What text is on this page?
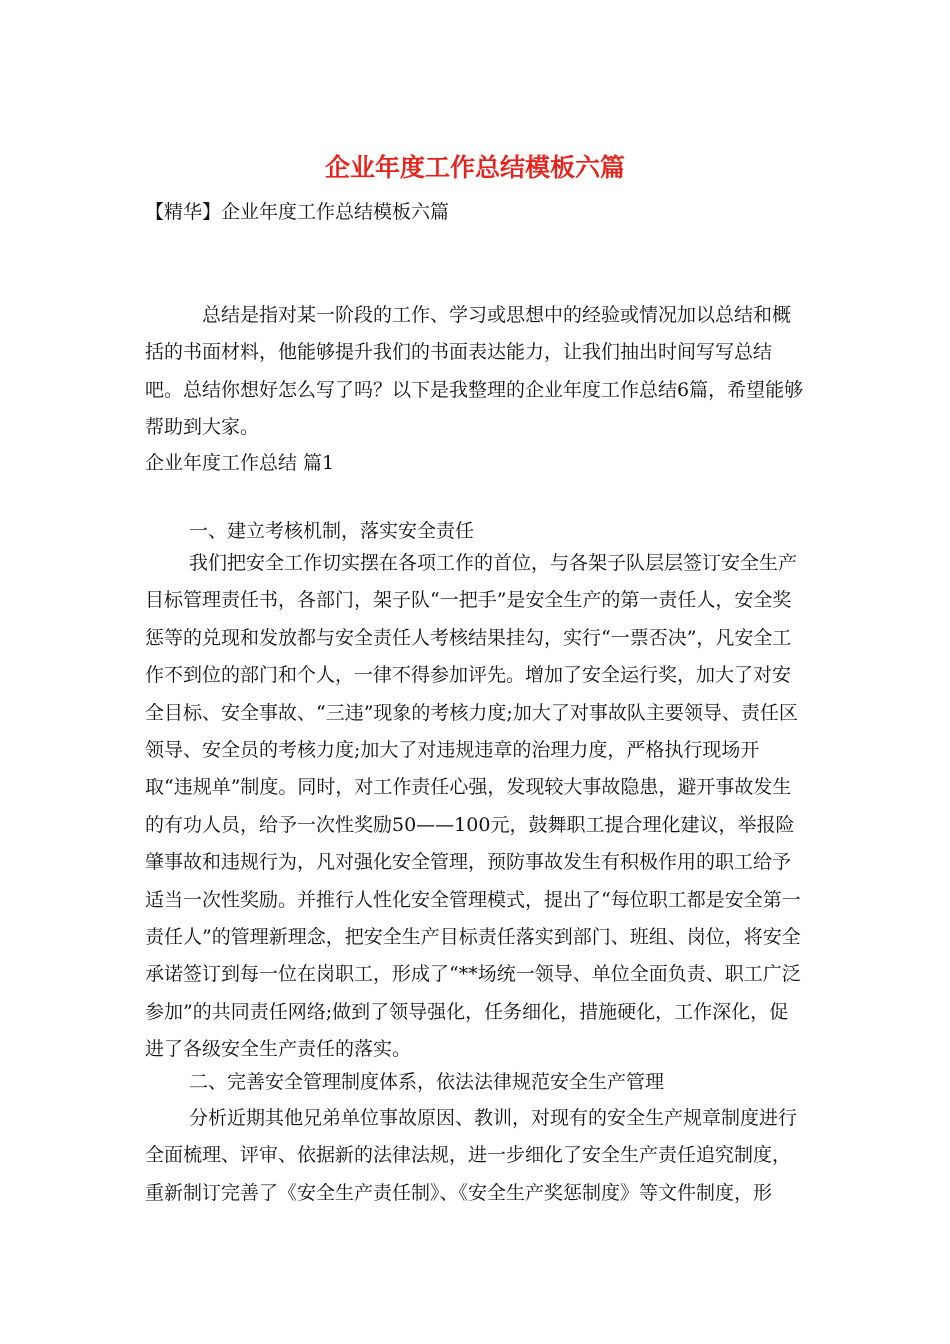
企业年度工作总结模板六篇
【精华】企业年度工作总结模板六篇

总结是指对某一阶段的工作、学习或思想中的经验或情况加以总结和概括的书面材料，他能够提升我们的书面表达能力，让我们抽出时间写写总结吧。总结你想好怎么写了吗？以下是我整理的企业年度工作总结6篇，希望能够帮助到大家。

企业年度工作总结 篇1
一、建立考核机制，落实安全责任

我们把安全工作切实摆在各项工作的首位，与各架子队层层签订安全生产目标管理责任书，各部门，架子队“一把手”是安全生产的第一责任人，安全奖惩等的兑现和发放都与安全责任人考核结果挂勾，实行“一票否决”，凡安全工作不到位的部门和个人，一律不得参加评先。增加了安全运行奖，加大了对安全目标、安全事故、“三违”现象的考核力度;加大了对事故队主要领导、责任区领导、安全员的考核力度;加大了对违规违章的治理力度，严格执行现场开取“违规单”制度。同时，对工作责任心强，发现较大事故隐患，避开事故发生的有功人员，给予一次性奖励50——100元，鼓舞职工提合理化建议，举报险肇事故和违规行为，凡对强化安全管理，预防事故发生有积极作用的职工给予适当一次性奖励。并推行人性化安全管理模式，提出了“每位职工都是安全第一责任人”的管理新理念，把安全生产目标责任落实到部门、班组、岗位，将安全承诺签订到每一位在岗职工，形成了“**场统一领导、单位全面负责、职工广泛参加”的共同责任网络;做到了领导强化，任务细化，措施硬化，工作深化，促进了各级安全生产责任的落实。

二、完善安全管理制度体系，依法法律规范安全生产管理

分析近期其他兄弟单位事故原因、教训，对现有的安全生产规章制度进行全面梳理、评审、依据新的法律法规，进一步细化了安全生产责任追究制度，重新制订完善了《安全生产责任制》、《安全生产奖惩制度》等文件制度，形
